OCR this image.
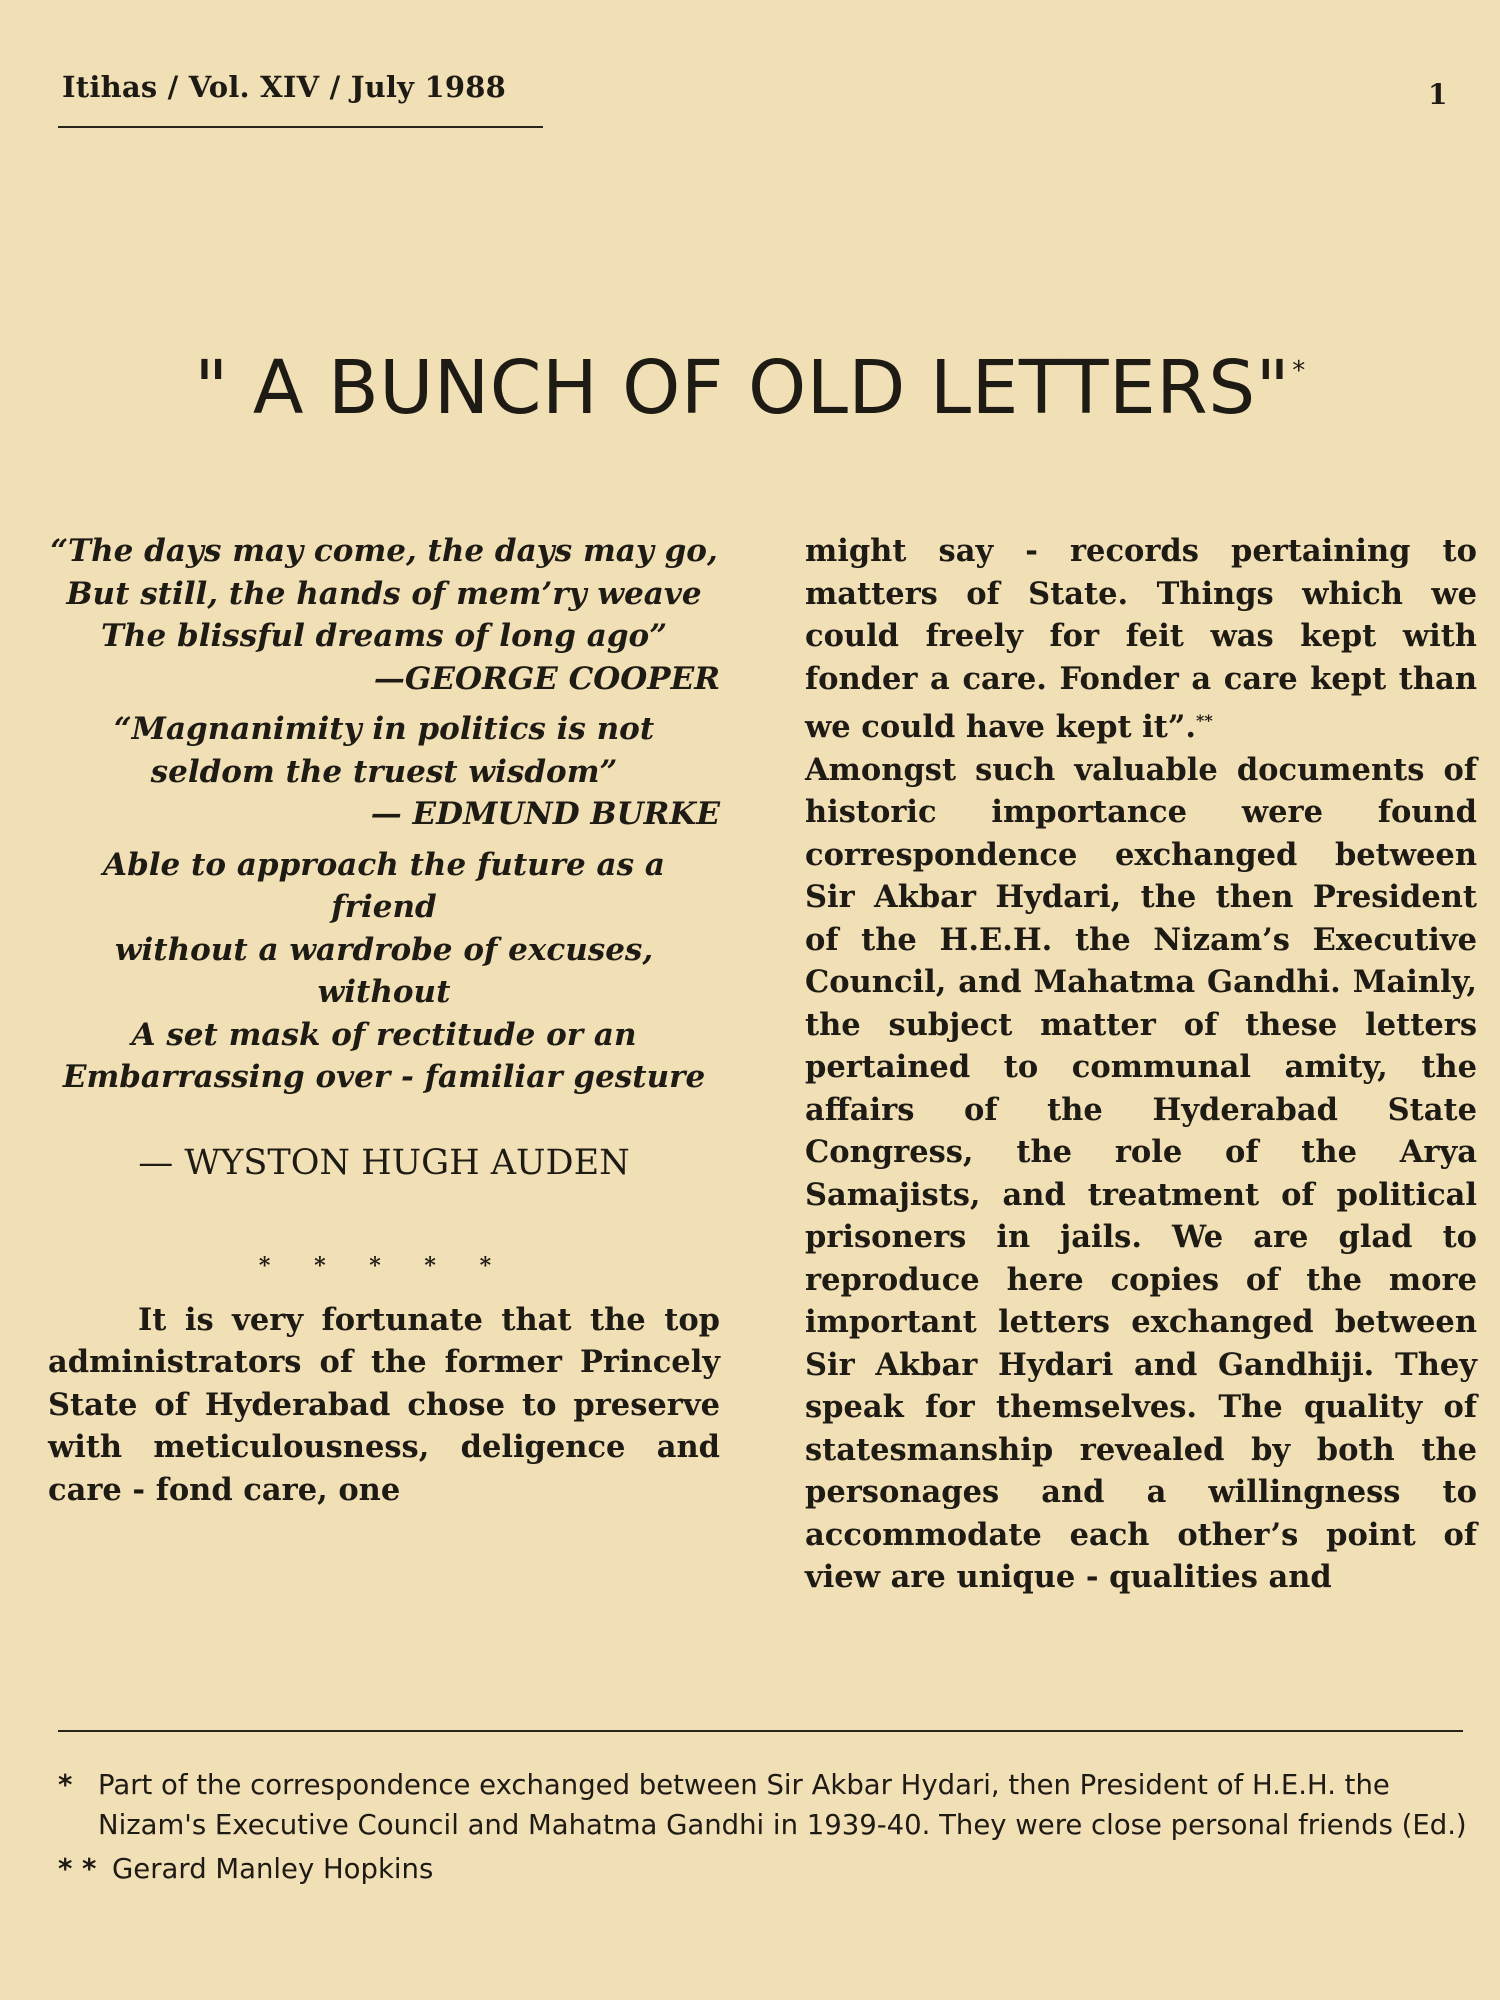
Itihas / Vol. XIV / July 1988	1
" A BUNCH OF OLD LETTERS"*

“The days may come, the days may go,

But still, the hands of mem’ry weave

The blissful dreams of long ago”

—GEORGE COOPER

“Magnanimity in politics is not seldom the truest wisdom”

— EDMUND BURKE

Able to approach the future as a friend

without a wardrobe of excuses, without

A set mask of rectitude or an

Embarrassing over - familiar gesture

— WYSTON HUGH AUDEN

* * * * *

It is very fortunate that the top administrators of the former Princely State of Hyderabad chose to preserve with meticulousness, deligence and care - fond care, one

might say - records pertaining to matters of State. Things which we could freely for feit was kept with fonder a care. Fonder a care kept than we could have kept it”.**

Amongst such valuable documents of historic importance were found correspondence exchanged between Sir Akbar Hydari, the then President of the H.E.H. the Nizam’s Executive Council, and Mahatma Gandhi. Mainly, the subject matter of these letters pertained to communal amity, the affairs of the Hyderabad State Congress, the role of the Arya Samajists, and treatment of political prisoners in jails. We are glad to reproduce here copies of the more important letters exchanged between Sir Akbar Hydari and Gandhiji. They speak for themselves. The quality of statesmanship revealed by both the personages and a willingness to accommodate each other’s point of view are unique - qualities and

* Part of the correspondence exchanged between Sir Akbar Hydari, then President of H.E.H. the Nizam's Executive Council and Mahatma Gandhi in 1939-40. They were close personal friends (Ed.)
* * Gerard Manley Hopkins
